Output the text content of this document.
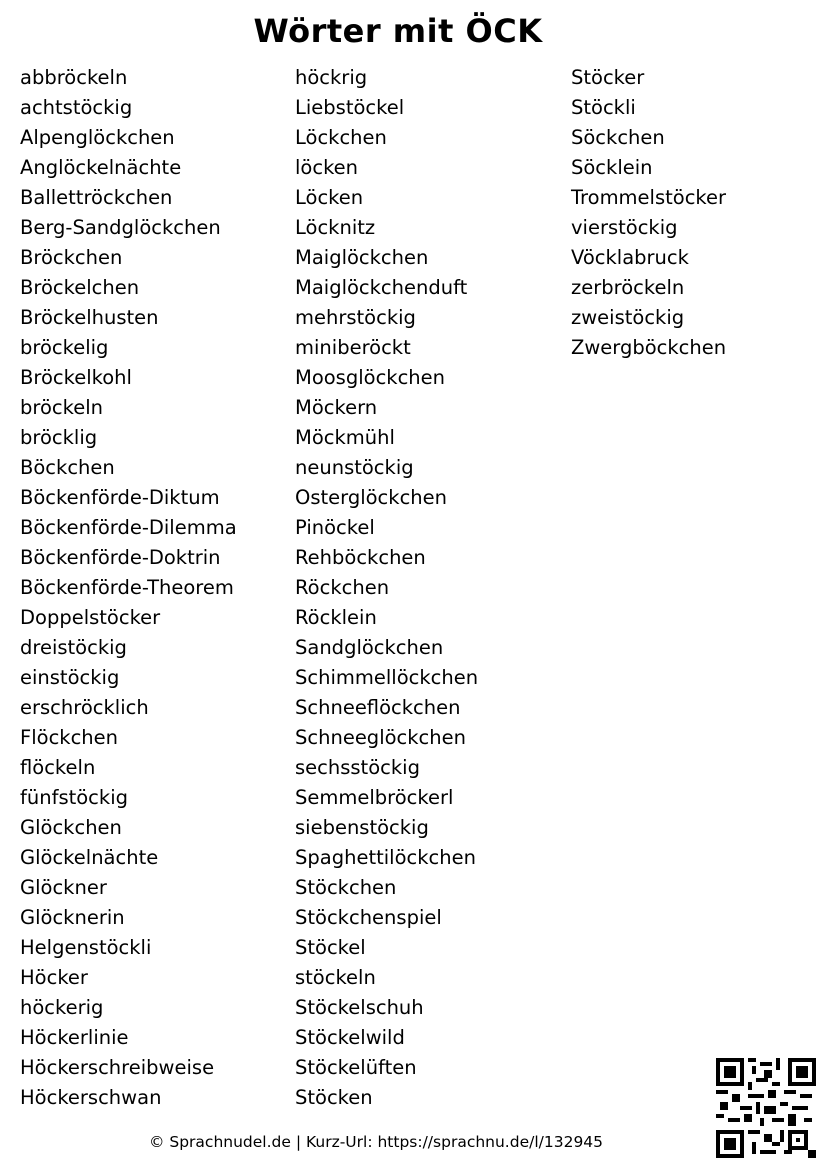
Wörter mit ÖCK
abbröckeln
achtstöckig
Alpenglöckchen
Anglöckelnächte
Ballettröckchen
Berg-Sandglöckchen
Bröckchen
Bröckelchen
Bröckelhusten
bröckelig
Bröckelkohl
bröckeln
bröcklig
Böckchen
Böckenförde-Diktum
Böckenförde-Dilemma
Böckenförde-Doktrin
Böckenförde-Theorem
Doppelstöcker
dreistöckig
einstöckig
erschröcklich
Flöckchen
flöckeln
fünfstöckig
Glöckchen
Glöckelnächte
Glöckner
Glöcknerin
Helgenstöckli
Höcker
höckerig
Höckerlinie
Höckerschreibweise
Höckerschwan
höckrig
Liebstöckel
Löckchen
löcken
Löcken
Löcknitz
Maiglöckchen
Maiglöckchenduft
mehrstöckig
miniberöckt
Moosglöckchen
Möckern
Möckmühl
neunstöckig
Osterglöckchen
Pinöckel
Rehböckchen
Röckchen
Röcklein
Sandglöckchen
Schimmellöckchen
Schneeflöckchen
Schneeglöckchen
sechsstöckig
Semmelbröckerl
siebenstöckig
Spaghettilöckchen
Stöckchen
Stöckchenspiel
Stöckel
stöckeln
Stöckelschuh
Stöckelwild
Stöckelüften
Stöcken
Stöcker
Stöckli
Söckchen
Söcklein
Trommelstöcker
vierstöckig
Vöcklabruck
zerbröckeln
zweistöckig
Zwergböckchen
© Sprachnudel.de | Kurz-Url: https://sprachnu.de/l/132945
